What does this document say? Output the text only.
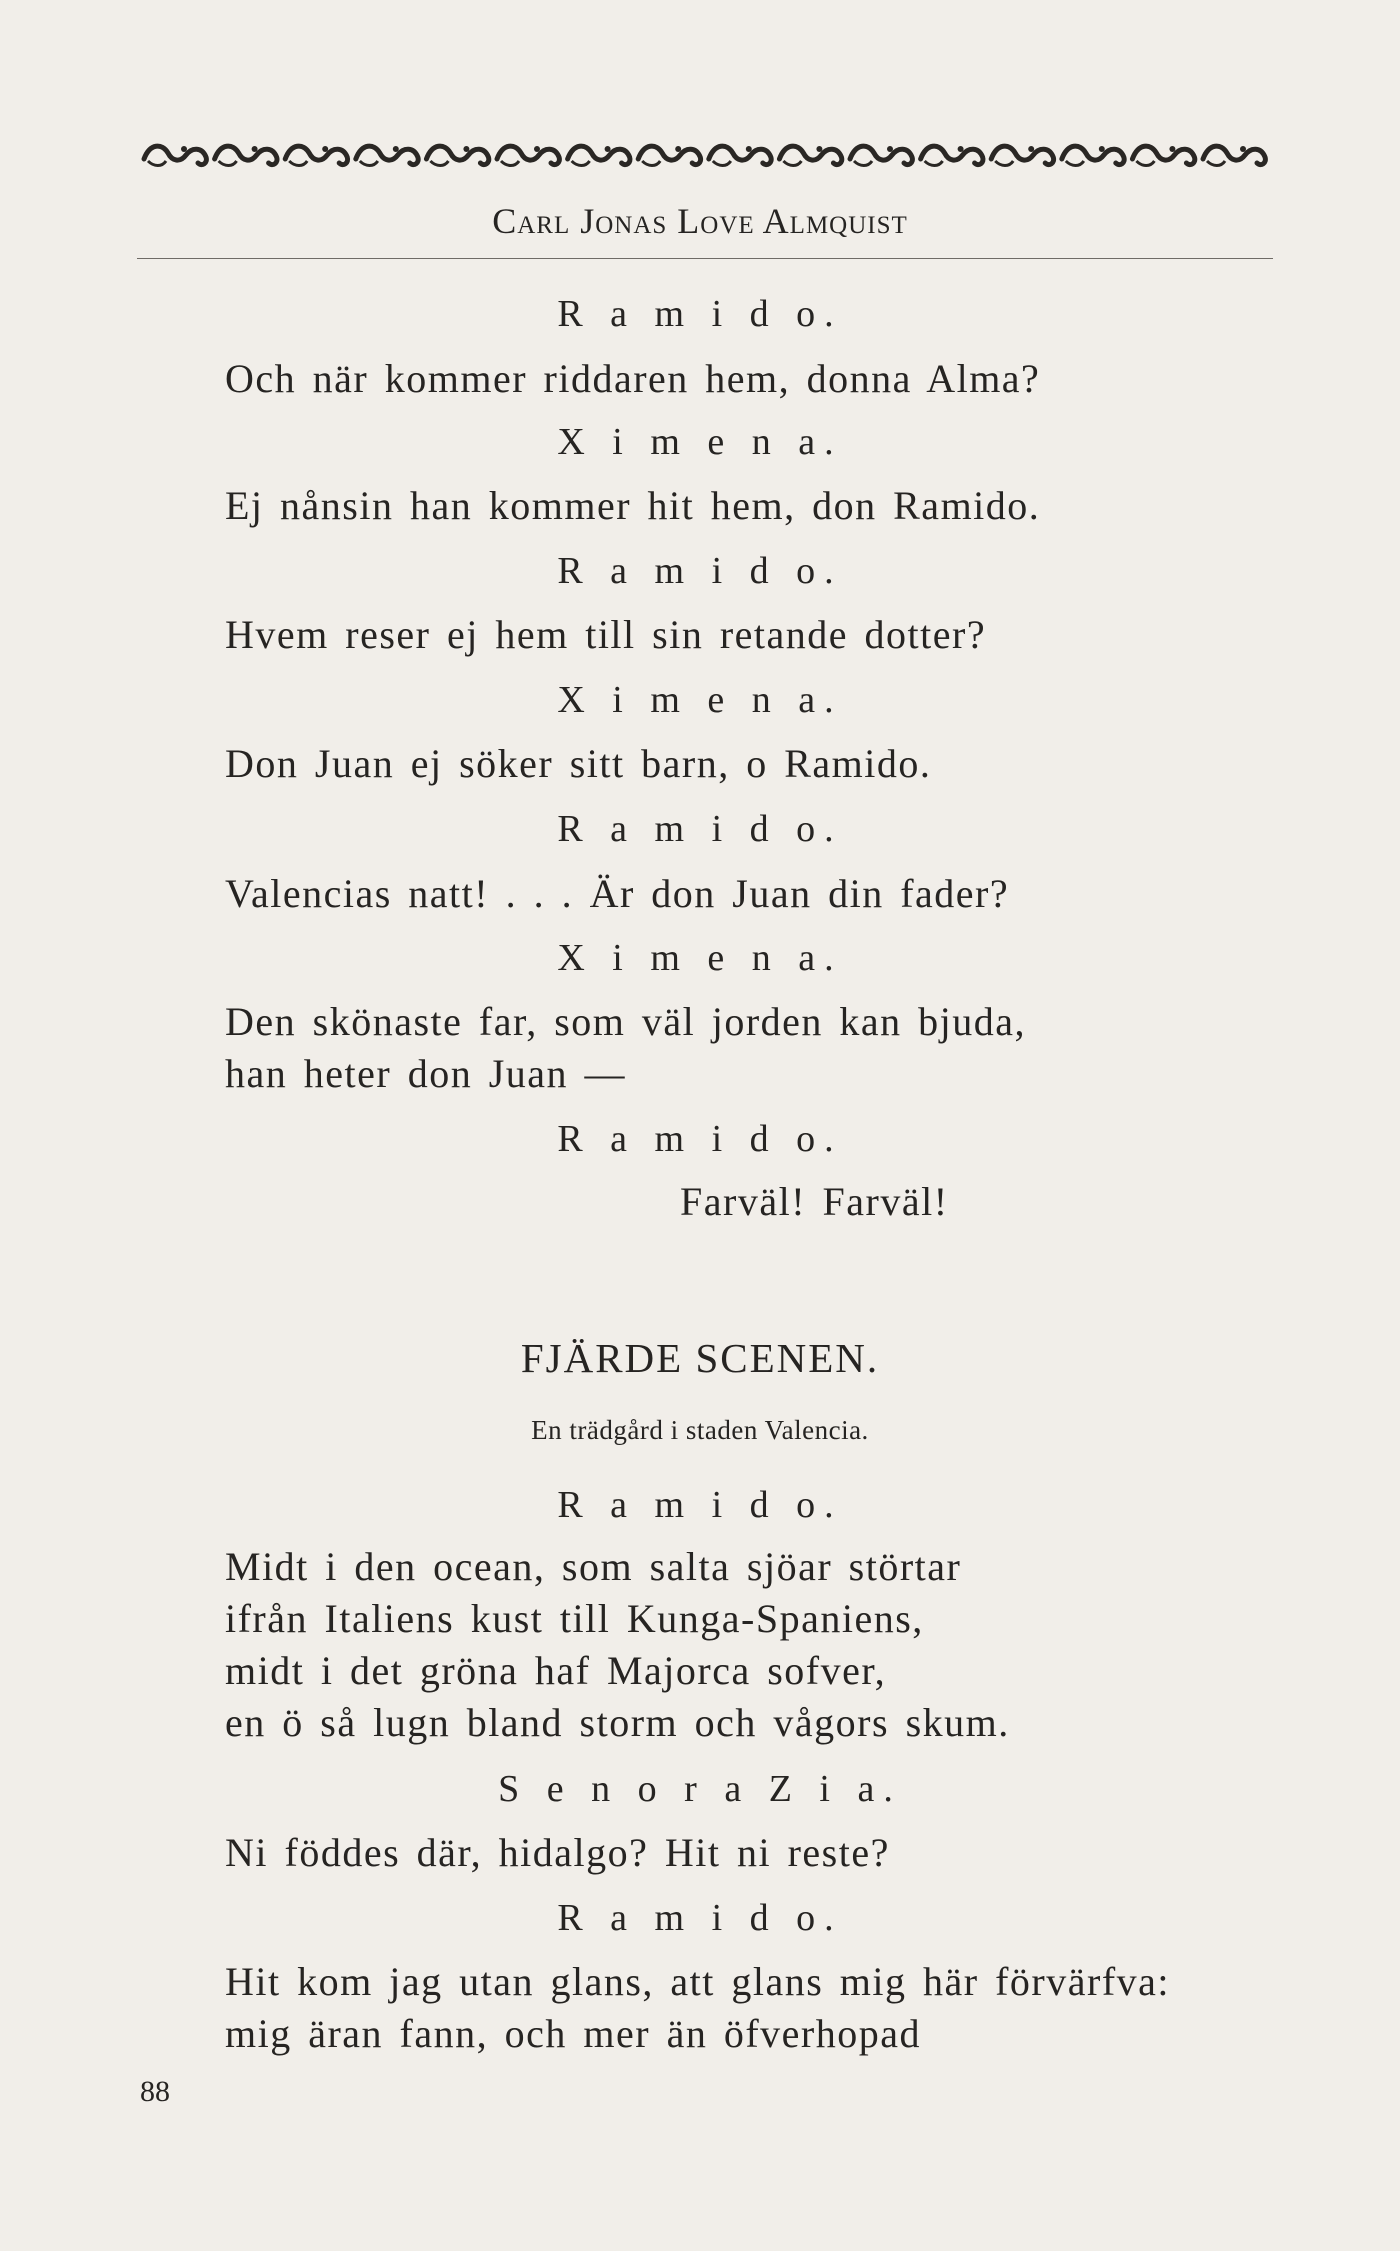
Carl Jonas Love Almquist
R a m i d o.
Och när kommer riddaren hem, donna Alma?
X i m e n a.
Ej nånsin han kommer hit hem, don Ramido.
R a m i d o.
Hvem reser ej hem till sin retande dotter?
X i m e n a.
Don Juan ej söker sitt barn, o Ramido.
R a m i d o.
Valencias natt! . . . Är don Juan din fader?
X i m e n a.
Den skönaste far, som väl jorden kan bjuda,
han heter don Juan —
R a m i d o.
Farväl! Farväl!
FJÄRDE SCENEN.
En trädgård i staden Valencia.
R a m i d o.
Midt i den ocean, som salta sjöar störtar
ifrån Italiens kust till Kunga-Spaniens,
midt i det gröna haf Majorca sofver,
en ö så lugn bland storm och vågors skum.
S e n o r a Z i a.
Ni föddes där, hidalgo? Hit ni reste?
R a m i d o.
Hit kom jag utan glans, att glans mig här förvärfva:
mig äran fann, och mer än öfverhopad
88
